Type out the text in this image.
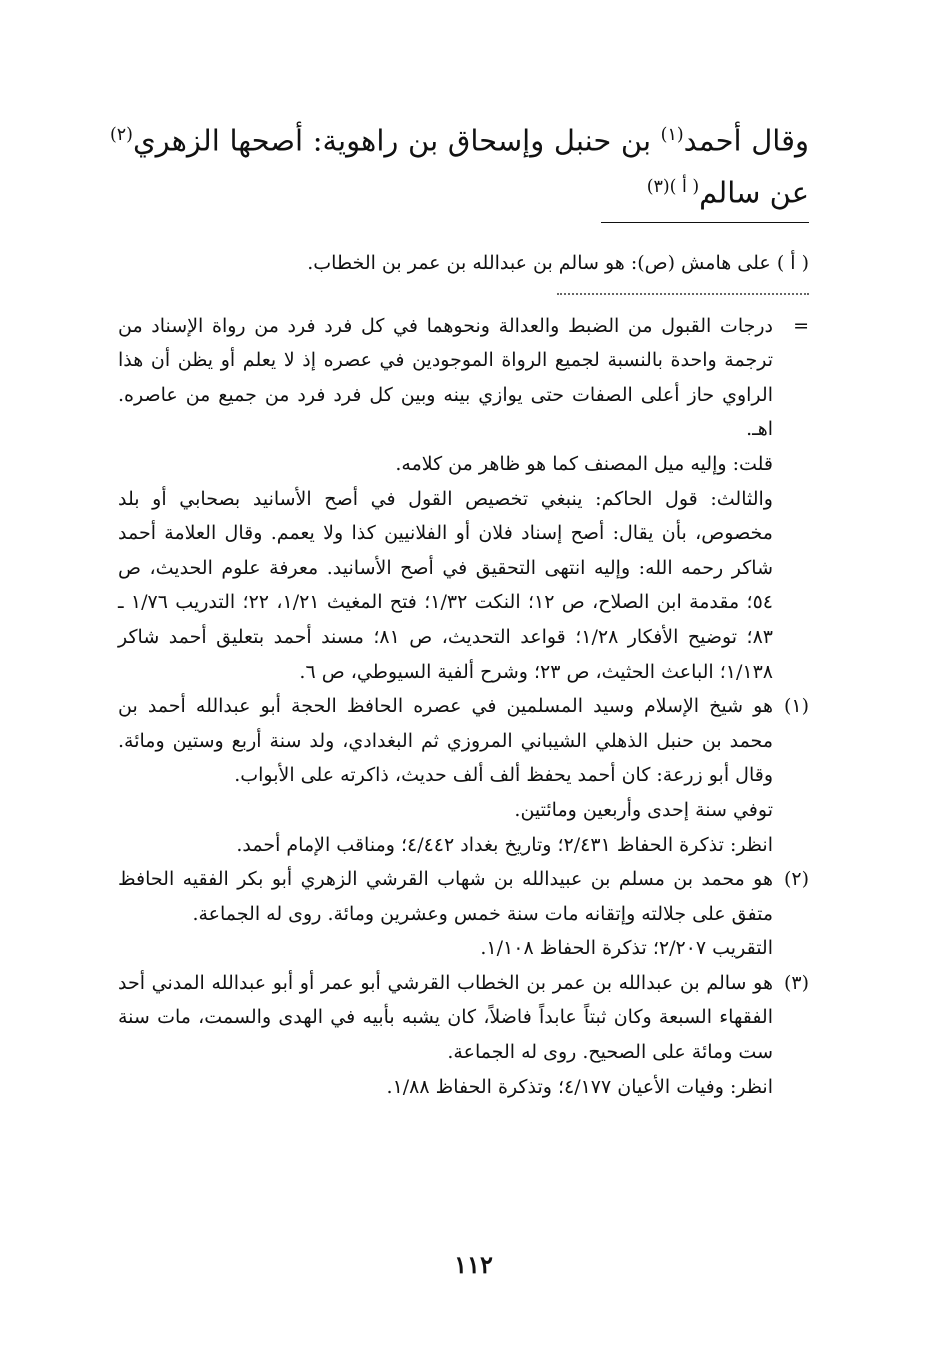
وقال أحمد$^{(١)}$ بن حنبل وإسحاق بن راهوية: أصحها الزهري$^{(٢)}$ عن سالم$^{( أ )(٣)}$

( أ ) على هامش (ص): هو سالم بن عبدالله بن عمر بن الخطاب.

=

درجات القبول من الضبط والعدالة ونحوهما في كل فرد فرد من رواة الإسناد من ترجمة واحدة بالنسبة لجميع الرواة الموجودين في عصره إذ لا يعلم أو يظن أن هذا الراوي حاز أعلى الصفات حتى يوازي بينه وبين كل فرد فرد من جميع من عاصره. اهـ.

قلت: وإليه ميل المصنف كما هو ظاهر من كلامه.

والثالث: قول الحاكم: ينبغي تخصيص القول في أصح الأسانيد بصحابي أو بلد مخصوص، بأن يقال: أصح إسناد فلان أو الفلانيين كذا ولا يعمم. وقال العلامة أحمد شاكر رحمه الله: وإليه انتهى التحقيق في أصح الأسانيد. معرفة علوم الحديث، ص ٥٤؛ مقدمة ابن الصلاح، ص ١٢؛ النكت ١/٣٢؛ فتح المغيث ١/٢١، ٢٢؛ التدريب ١/٧٦ ـ ٨٣؛ توضيح الأفكار ١/٢٨؛ قواعد التحديث، ص ٨١؛ مسند أحمد بتعليق أحمد شاكر ١/١٣٨؛ الباعث الحثيث، ص ٢٣؛ وشرح ألفية السيوطي، ص ٦.

(١)

هو شيخ الإسلام وسيد المسلمين في عصره الحافظ الحجة أبو عبدالله أحمد بن محمد بن حنبل الذهلي الشيباني المروزي ثم البغدادي، ولد سنة أربع وستين ومائة. وقال أبو زرعة: كان أحمد يحفظ ألف ألف حديث، ذاكرته على الأبواب.

توفي سنة إحدى وأربعين ومائتين.

انظر: تذكرة الحفاظ ٢/٤٣١؛ وتاريخ بغداد ٤/٤٤٢؛ ومناقب الإمام أحمد.

(٢)

هو محمد بن مسلم بن عبيدالله بن شهاب القرشي الزهري أبو بكر الفقيه الحافظ متفق على جلالته وإتقانه مات سنة خمس وعشرين ومائة. روى له الجماعة.

التقريب ٢/٢٠٧؛ تذكرة الحفاظ ١/١٠٨.

(٣)

هو سالم بن عبدالله بن عمر بن الخطاب القرشي أبو عمر أو أبو عبدالله المدني أحد الفقهاء السبعة وكان ثبتاً عابداً فاضلاً، كان يشبه بأبيه في الهدى والسمت، مات سنة ست ومائة على الصحيح. روى له الجماعة.

انظر: وفيات الأعيان ٤/١٧٧؛ وتذكرة الحفاظ ١/٨٨.

١١٢
